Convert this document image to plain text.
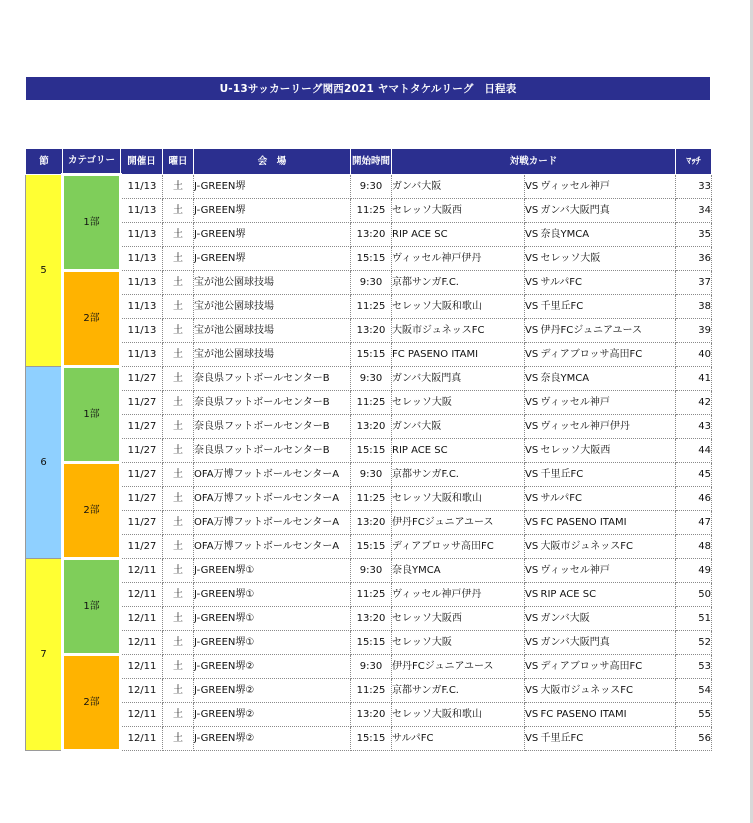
U-13サッカーリーグ関西2021 ヤマトタケルリーグ　日程表
節	カテゴリー	開催日	曜日	会　場	開始時間	対戦カード			ﾏｯﾁ
5	1部	11/13	土	J-GREEN堺	9:30	ガンバ大阪	VS	ヴィッセル神戸	33
		11/13	土	J-GREEN堺	11:25	セレッソ大阪西	VS	ガンバ大阪門真	34
		11/13	土	J-GREEN堺	13:20	RIP ACE SC	VS	奈良YMCA	35
		11/13	土	J-GREEN堺	15:15	ヴィッセル神戸伊丹	VS	セレッソ大阪	36
	2部	11/13	土	宝が池公園球技場	9:30	京都サンガF.C.	VS	サルパFC	37
		11/13	土	宝が池公園球技場	11:25	セレッソ大阪和歌山	VS	千里丘FC	38
		11/13	土	宝が池公園球技場	13:20	大阪市ジュネッスFC	VS	伊丹FCジュニアユース	39
		11/13	土	宝が池公園球技場	15:15	FC PASENO ITAMI	VS	ディアブロッサ高田FC	40
6	1部	11/27	土	奈良県フットボールセンターB	9:30	ガンバ大阪門真	VS	奈良YMCA	41
		11/27	土	奈良県フットボールセンターB	11:25	セレッソ大阪	VS	ヴィッセル神戸	42
		11/27	土	奈良県フットボールセンターB	13:20	ガンバ大阪	VS	ヴィッセル神戸伊丹	43
		11/27	土	奈良県フットボールセンターB	15:15	RIP ACE SC	VS	セレッソ大阪西	44
	2部	11/27	土	OFA万博フットボールセンターA	9:30	京都サンガF.C.	VS	千里丘FC	45
		11/27	土	OFA万博フットボールセンターA	11:25	セレッソ大阪和歌山	VS	サルパFC	46
		11/27	土	OFA万博フットボールセンターA	13:20	伊丹FCジュニアユース	VS	FC PASENO ITAMI	47
		11/27	土	OFA万博フットボールセンターA	15:15	ディアブロッサ高田FC	VS	大阪市ジュネッスFC	48
7	1部	12/11	土	J-GREEN堺①	9:30	奈良YMCA	VS	ヴィッセル神戸	49
		12/11	土	J-GREEN堺①	11:25	ヴィッセル神戸伊丹	VS	RIP ACE SC	50
		12/11	土	J-GREEN堺①	13:20	セレッソ大阪西	VS	ガンバ大阪	51
		12/11	土	J-GREEN堺①	15:15	セレッソ大阪	VS	ガンバ大阪門真	52
	2部	12/11	土	J-GREEN堺②	9:30	伊丹FCジュニアユース	VS	ディアブロッサ高田FC	53
		12/11	土	J-GREEN堺②	11:25	京都サンガF.C.	VS	大阪市ジュネッスFC	54
		12/11	土	J-GREEN堺②	13:20	セレッソ大阪和歌山	VS	FC PASENO ITAMI	55
		12/11	土	J-GREEN堺②	15:15	サルパFC	VS	千里丘FC	56
